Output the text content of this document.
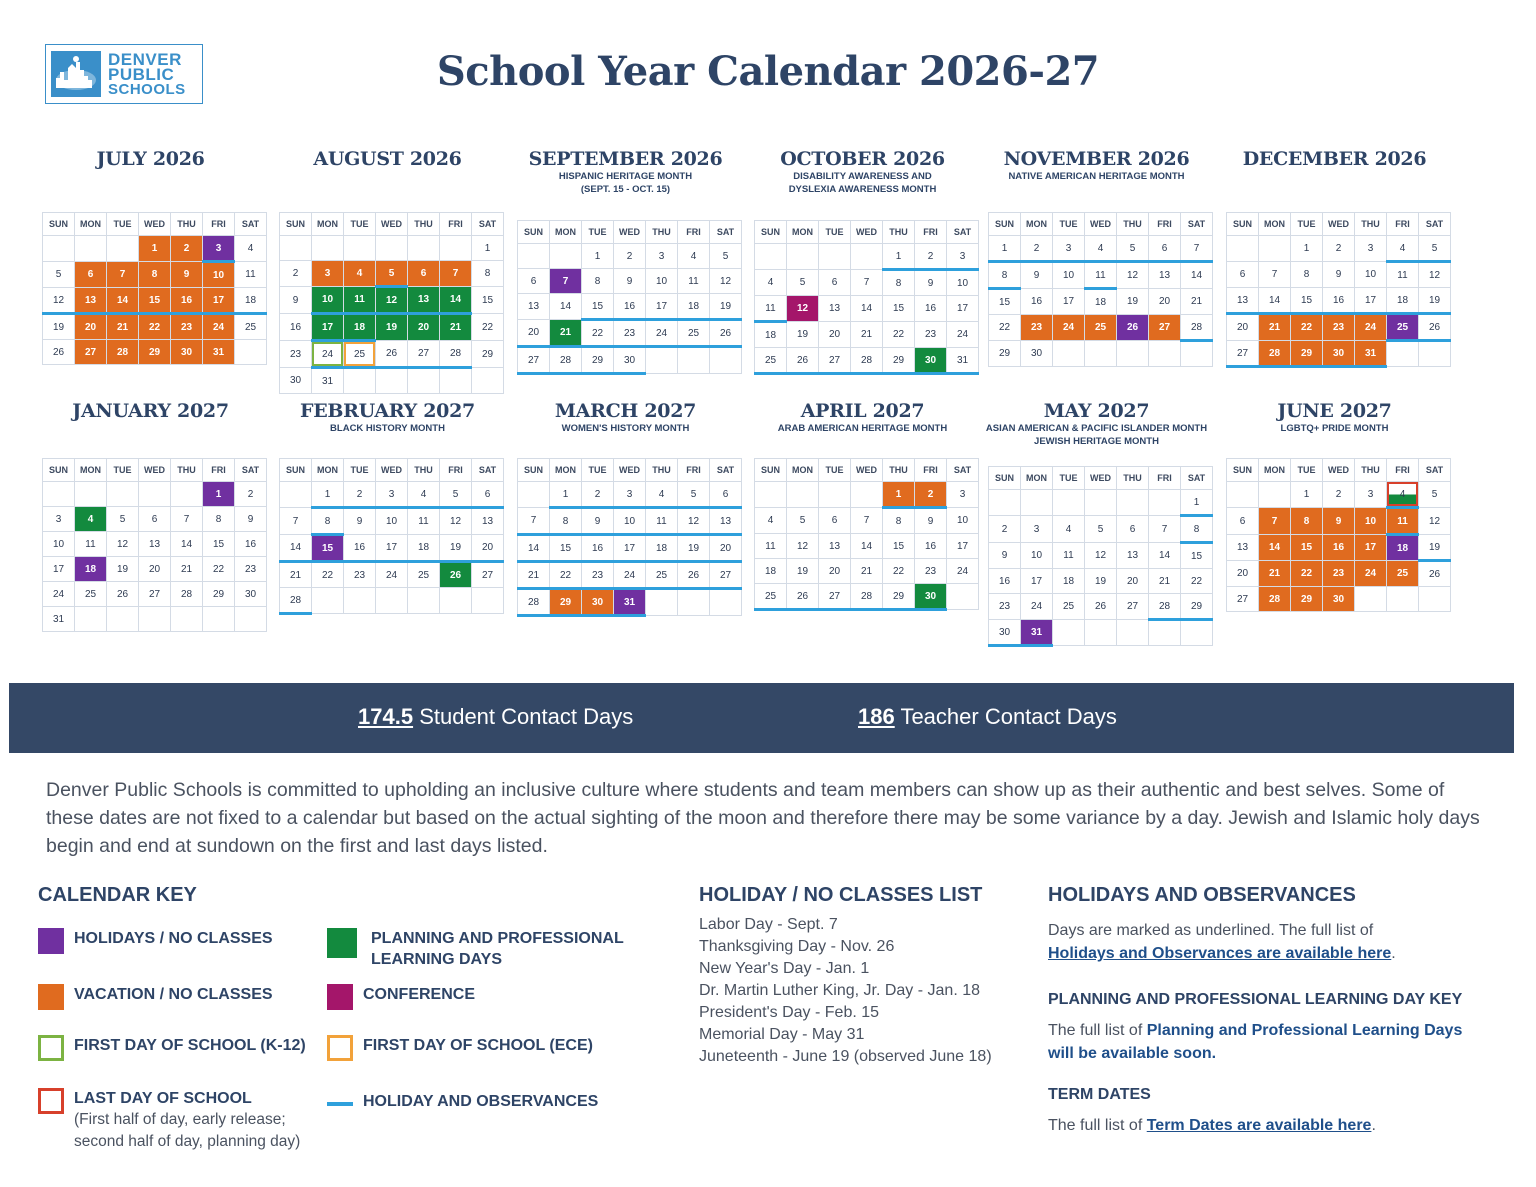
DENVER
PUBLIC
SCHOOLS	School Year Calendar 2026-27
JULY 2026
SUN	MON	TUE	WED	THU	FRI	SAT
			1	2	3	4
5	6	7	8	9	10	11
12	13	14	15	16	17	18
19	20	21	22	23	24	25
26	27	28	29	30	31	
AUGUST 2026
SUN	MON	TUE	WED	THU	FRI	SAT
						1
2	3	4	5	6	7	8
9	10	11	12	13	14	15
16	17	18	19	20	21	22
23	24	25	26	27	28	29
30	31					
SEPTEMBER 2026
HISPANIC HERITAGE MONTH
(SEPT. 15 - OCT. 15)
SUN	MON	TUE	WED	THU	FRI	SAT
		1	2	3	4	5
6	7	8	9	10	11	12
13	14	15	16	17	18	19
20	21	22	23	24	25	26
27	28	29	30			
OCTOBER 2026
DISABILITY AWARENESS AND
DYSLEXIA AWARENESS MONTH
SUN	MON	TUE	WED	THU	FRI	SAT
				1	2	3
4	5	6	7	8	9	10
11	12	13	14	15	16	17
18	19	20	21	22	23	24
25	26	27	28	29	30	31
NOVEMBER 2026
NATIVE AMERICAN HERITAGE MONTH
SUN	MON	TUE	WED	THU	FRI	SAT
1	2	3	4	5	6	7
8	9	10	11	12	13	14
15	16	17	18	19	20	21
22	23	24	25	26	27	28
29	30					
DECEMBER 2026
SUN	MON	TUE	WED	THU	FRI	SAT
		1	2	3	4	5
6	7	8	9	10	11	12
13	14	15	16	17	18	19
20	21	22	23	24	25	26
27	28	29	30	31		
JANUARY 2027
SUN	MON	TUE	WED	THU	FRI	SAT
					1	2
3	4	5	6	7	8	9
10	11	12	13	14	15	16
17	18	19	20	21	22	23
24	25	26	27	28	29	30
31						
FEBRUARY 2027
BLACK HISTORY MONTH
SUN	MON	TUE	WED	THU	FRI	SAT
	1	2	3	4	5	6
7	8	9	10	11	12	13
14	15	16	17	18	19	20
21	22	23	24	25	26	27
28						
MARCH 2027
WOMEN'S HISTORY MONTH
SUN	MON	TUE	WED	THU	FRI	SAT
	1	2	3	4	5	6
7	8	9	10	11	12	13
14	15	16	17	18	19	20
21	22	23	24	25	26	27
28	29	30	31			
APRIL 2027
ARAB AMERICAN HERITAGE MONTH
SUN	MON	TUE	WED	THU	FRI	SAT
				1	2	3
4	5	6	7	8	9	10
11	12	13	14	15	16	17
18	19	20	21	22	23	24
25	26	27	28	29	30	
MAY 2027
ASIAN AMERICAN & PACIFIC ISLANDER MONTH
JEWISH HERITAGE MONTH
SUN	MON	TUE	WED	THU	FRI	SAT
						1
2	3	4	5	6	7	8
9	10	11	12	13	14	15
16	17	18	19	20	21	22
23	24	25	26	27	28	29
30	31					
JUNE 2027
LGBTQ+ PRIDE MONTH
SUN	MON	TUE	WED	THU	FRI	SAT
		1	2	3	4	5
6	7	8	9	10	11	12
13	14	15	16	17	18	19
20	21	22	23	24	25	26
27	28	29	30			
174.5 Student Contact Days	186 Teacher Contact Days
Denver Public Schools is committed to upholding an inclusive culture where students and team members can show up as their authentic and best selves. Some of these dates are not fixed to a calendar but based on the actual sighting of the moon and therefore there may be some variance by a day. Jewish and Islamic holy days begin and end at sundown on the first and last days listed.
CALENDAR KEY
HOLIDAYS / NO CLASSES
VACATION / NO CLASSES
FIRST DAY OF SCHOOL (K-12)
LAST DAY OF SCHOOL
(First half of day, early release; second half of day, planning day)
PLANNING AND PROFESSIONAL
LEARNING DAYS
CONFERENCE
FIRST DAY OF SCHOOL (ECE)
HOLIDAY AND OBSERVANCES
HOLIDAY / NO CLASSES LIST
Labor Day - Sept. 7
Thanksgiving Day - Nov. 26
New Year's Day - Jan. 1
Dr. Martin Luther King, Jr. Day - Jan. 18
President's Day - Feb. 15
Memorial Day - May 31
Juneteenth - June 19 (observed June 18)
HOLIDAYS AND OBSERVANCES
Days are marked as underlined. The full list of
Holidays and Observances are available here.
PLANNING AND PROFESSIONAL LEARNING DAY KEY
The full list of Planning and Professional Learning Days will be available soon.
TERM DATES
The full list of Term Dates are available here.
